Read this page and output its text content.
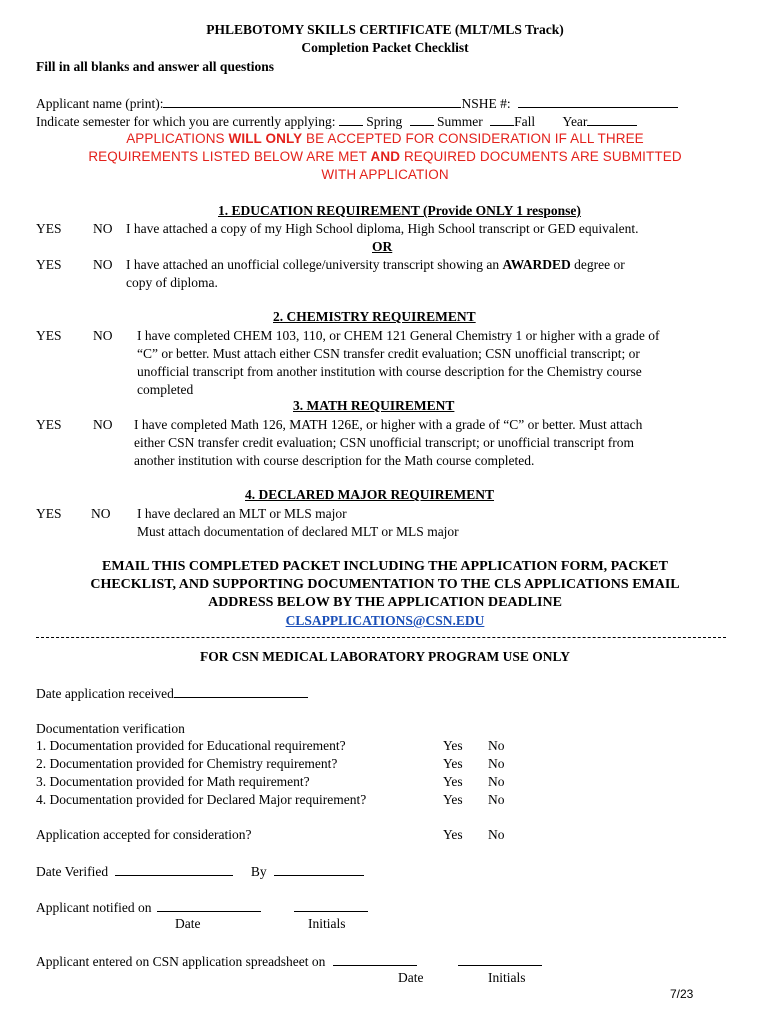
PHLEBOTOMY SKILLS CERTIFICATE (MLT/MLS Track)
Completion Packet Checklist
Fill in all blanks and answer all questions
Applicant name (print):	NSHE #:
Indicate semester for which you are currently applying: Spring	Summer Fall Year
APPLICATIONS WILL ONLY BE ACCEPTED FOR CONSIDERATION IF ALL THREE
REQUIREMENTS LISTED BELOW ARE MET AND REQUIRED DOCUMENTS ARE SUBMITTED
WITH APPLICATION
1. EDUCATION REQUIREMENT (Provide ONLY 1 response)
YES NO I have attached a copy of my High School diploma, High School transcript or GED equivalent.
OR
YES NO I have attached an unofficial college/university transcript showing an AWARDED degree or
copy of diploma.
2. CHEMISTRY REQUIREMENT
YES NO I have completed CHEM 103, 110, or CHEM 121 General Chemistry 1 or higher with a grade of
“C” or better. Must attach either CSN transfer credit evaluation; CSN unofficial transcript; or
unofficial transcript from another institution with course description for the Chemistry course
completed
3. MATH REQUIREMENT
YES NO I have completed Math 126, MATH 126E, or higher with a grade of “C” or better. Must attach
either CSN transfer credit evaluation; CSN unofficial transcript; or unofficial transcript from
another institution with course description for the Math course completed.
4. DECLARED MAJOR REQUIREMENT
YES NO I have declared an MLT or MLS major
Must attach documentation of declared MLT or MLS major
EMAIL THIS COMPLETED PACKET INCLUDING THE APPLICATION FORM, PACKET
CHECKLIST, AND SUPPORTING DOCUMENTATION TO THE CLS APPLICATIONS EMAIL
ADDRESS BELOW BY THE APPLICATION DEADLINE
CLSAPPLICATIONS@CSN.EDU
FOR CSN MEDICAL LABORATORY PROGRAM USE ONLY
Date application received
Documentation verification
1. Documentation provided for Educational requirement?	Yes No
2. Documentation provided for Chemistry requirement?	Yes No
3. Documentation provided for Math requirement?	Yes No
4. Documentation provided for Declared Major requirement?	Yes No
Application accepted for consideration?	Yes No
Date Verified	By
Applicant notified on
Date	Initials
Applicant entered on CSN application spreadsheet on
Date	Initials
7/23
